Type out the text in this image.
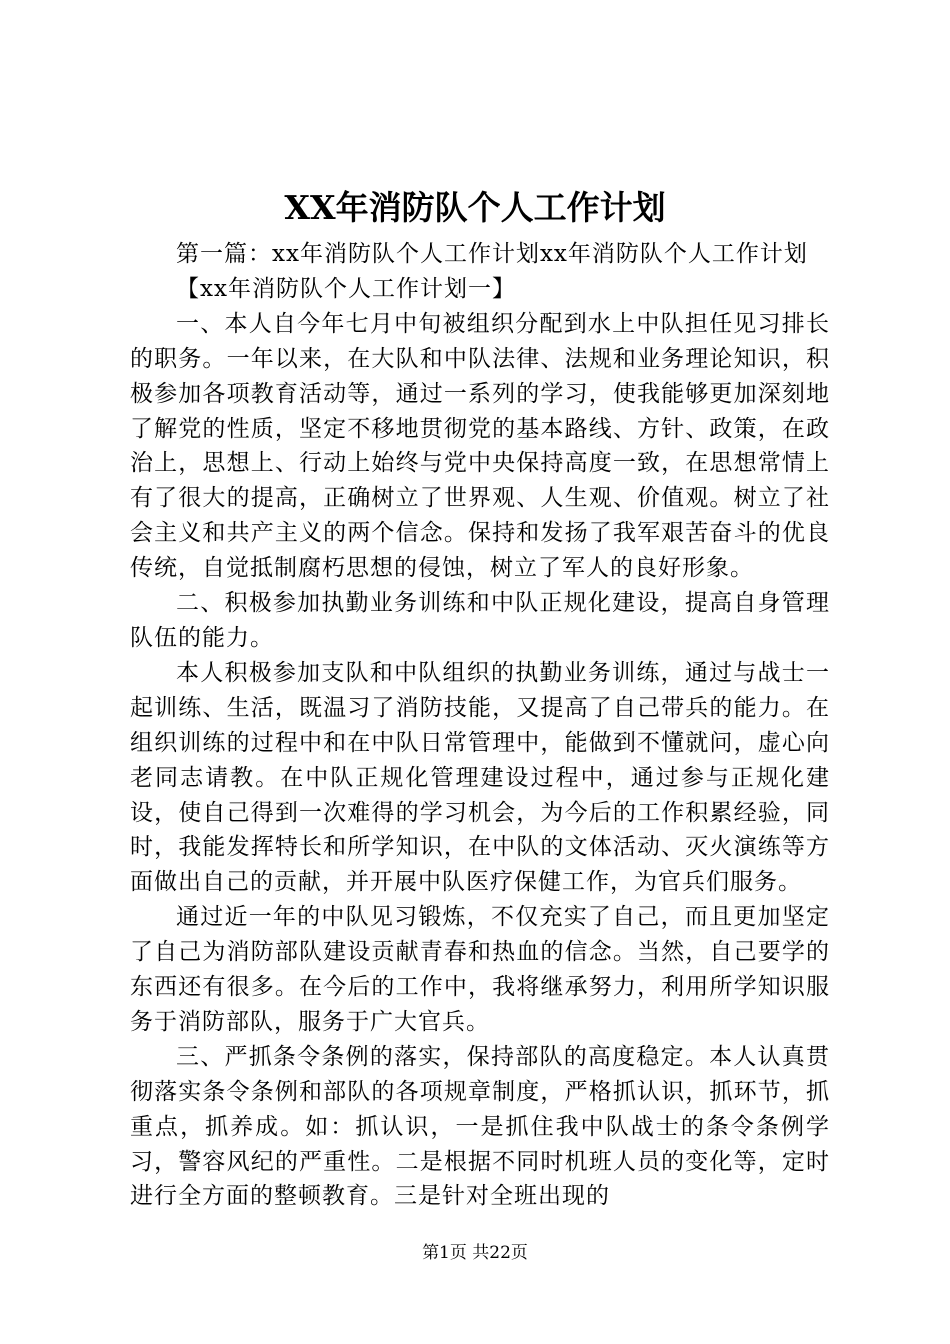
XX年消防队个人工作计划

第一篇：xx年消防队个人工作计划xx年消防队个人工作计划

【xx年消防队个人工作计划一】

一、本人自今年七月中旬被组织分配到水上中队担任见习排长的职务。一年以来，在大队和中队法律、法规和业务理论知识，积极参加各项教育活动等，通过一系列的学习，使我能够更加深刻地了解党的性质，坚定不移地贯彻党的基本路线、方针、政策，在政治上，思想上、行动上始终与党中央保持高度一致，在思想常情上有了很大的提高，正确树立了世界观、人生观、价值观。树立了社会主义和共产主义的两个信念。保持和发扬了我军艰苦奋斗的优良传统，自觉抵制腐朽思想的侵蚀，树立了军人的良好形象。

二、积极参加执勤业务训练和中队正规化建设，提高自身管理队伍的能力。

本人积极参加支队和中队组织的执勤业务训练，通过与战士一起训练、生活，既温习了消防技能，又提高了自己带兵的能力。在组织训练的过程中和在中队日常管理中，能做到不懂就问，虚心向老同志请教。在中队正规化管理建设过程中，通过参与正规化建设，使自己得到一次难得的学习机会，为今后的工作积累经验，同时，我能发挥特长和所学知识，在中队的文体活动、灭火演练等方面做出自己的贡献，并开展中队医疗保健工作，为官兵们服务。

通过近一年的中队见习锻炼，不仅充实了自己，而且更加坚定了自己为消防部队建设贡献青春和热血的信念。当然，自己要学的东西还有很多。在今后的工作中，我将继承努力，利用所学知识服务于消防部队，服务于广大官兵。

三、严抓条令条例的落实，保持部队的高度稳定。本人认真贯彻落实条令条例和部队的各项规章制度，严格抓认识，抓环节，抓重点，抓养成。如：抓认识，一是抓住我中队战士的条令条例学习，警容风纪的严重性。二是根据不同时机班人员的变化等，定时进行全方面的整顿教育。三是针对全班出现的

第1页 共22页
